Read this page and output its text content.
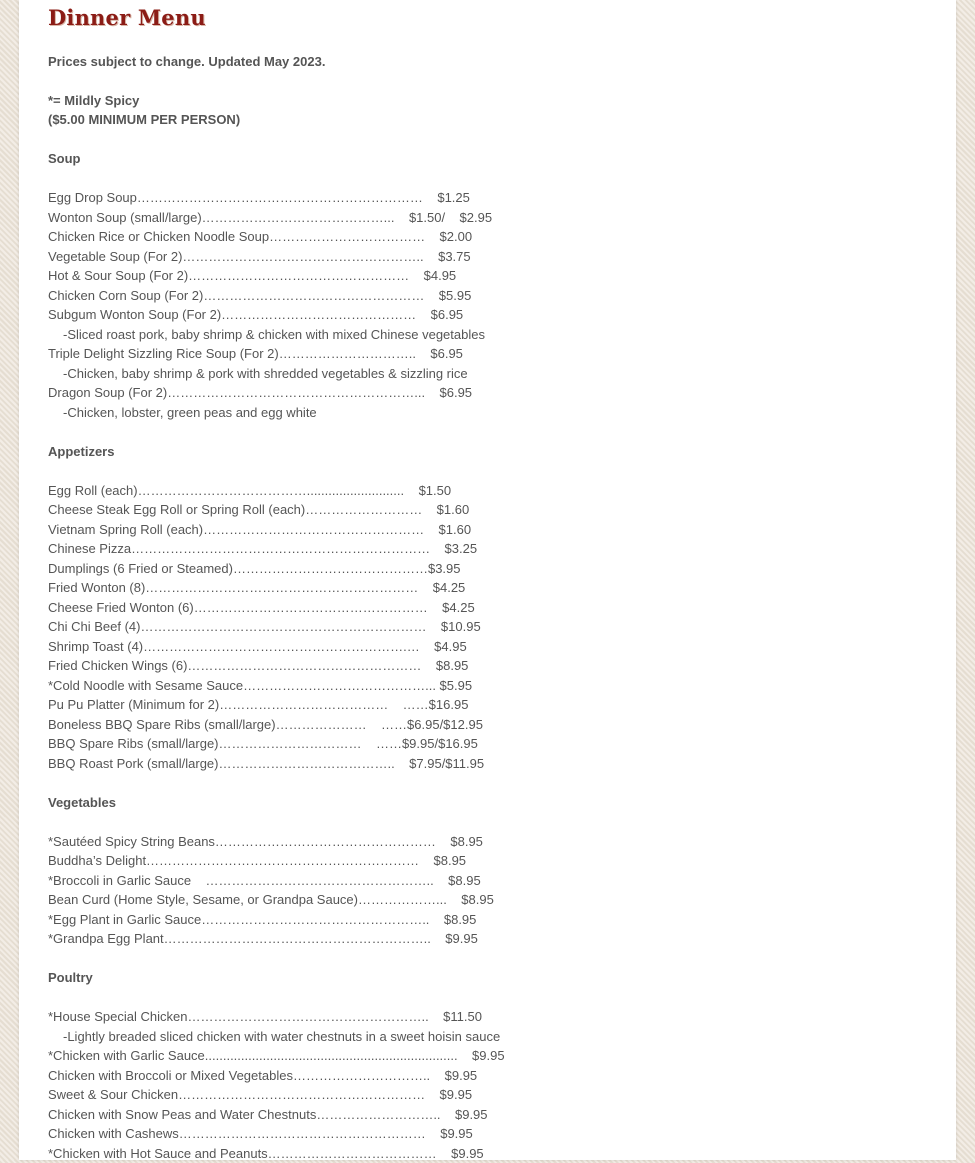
Dinner Menu

Prices subject to change. Updated May 2023.

*= Mildly Spicy

($5.00 MINIMUM PER PERSON)

Soup

Egg Drop Soup…………………………………………………………    $1.25

Wonton Soup (small/large)……………………………………...    $1.50/    $2.95

Chicken Rice or Chicken Noodle Soup………………………………    $2.00

Vegetable Soup (For 2)………………………………………………..    $3.75

Hot & Sour Soup (For 2)……………………………………………    $4.95

Chicken Corn Soup (For 2)……………………………………………    $5.95

Subgum Wonton Soup (For 2)………………………………………    $6.95

-Sliced roast pork, baby shrimp & chicken with mixed Chinese vegetables

Triple Delight Sizzling Rice Soup (For 2)…………………………..    $6.95

-Chicken, baby shrimp & pork with shredded vegetables & sizzling rice

Dragon Soup (For 2)…………………………………………………...    $6.95

-Chicken, lobster, green peas and egg white

Appetizers

Egg Roll (each)…………………………………...........................    $1.50

Cheese Steak Egg Roll or Spring Roll (each)………………………    $1.60

Vietnam Spring Roll (each)……………………………………………    $1.60

Chinese Pizza……………………………………………………………    $3.25

Dumplings (6 Fried or Steamed)………………………………………$3.95

Fried Wonton (8)………………………………………………………    $4.25

Cheese Fried Wonton (6)………………………………………………    $4.25

Chi Chi Beef (4)…………………………………………………………    $10.95

Shrimp Toast (4)…………………………………………………….…    $4.95

Fried Chicken Wings (6)………………………………………………    $8.95

*Cold Noodle with Sesame Sauce……………………………………... $5.95

Pu Pu Platter (Minimum for 2)…………………………………    ……$16.95

Boneless BBQ Spare Ribs (small/large)…………………    ……$6.95/$12.95

BBQ Spare Ribs (small/large)……………………………    ……$9.95/$16.95

BBQ Roast Pork (small/large)…………………………………..    $7.95/$11.95

Vegetables

*Sautéed Spicy String Beans……………………………………………    $8.95

Buddha’s Delight………………………………………………………    $8.95

*Broccoli in Garlic Sauce    ……………………………………………..    $8.95

Bean Curd (Home Style, Sesame, or Grandpa Sauce)………………...    $8.95

*Egg Plant in Garlic Sauce……………………………………………..    $8.95

*Grandpa Egg Plant……………………………………………………..    $9.95

Poultry

*House Special Chicken………………………………………………..    $11.50

-Lightly breaded sliced chicken with water chestnuts in a sweet hoisin sauce

*Chicken with Garlic Sauce......................................................................    $9.95

Chicken with Broccoli or Mixed Vegetables…………………………..    $9.95

Sweet & Sour Chicken…………………………………………………    $9.95

Chicken with Snow Peas and Water Chestnuts………………………..    $9.95

Chicken with Cashews…………………………………………………    $9.95

*Chicken with Hot Sauce and Peanuts…………………………………    $9.95
